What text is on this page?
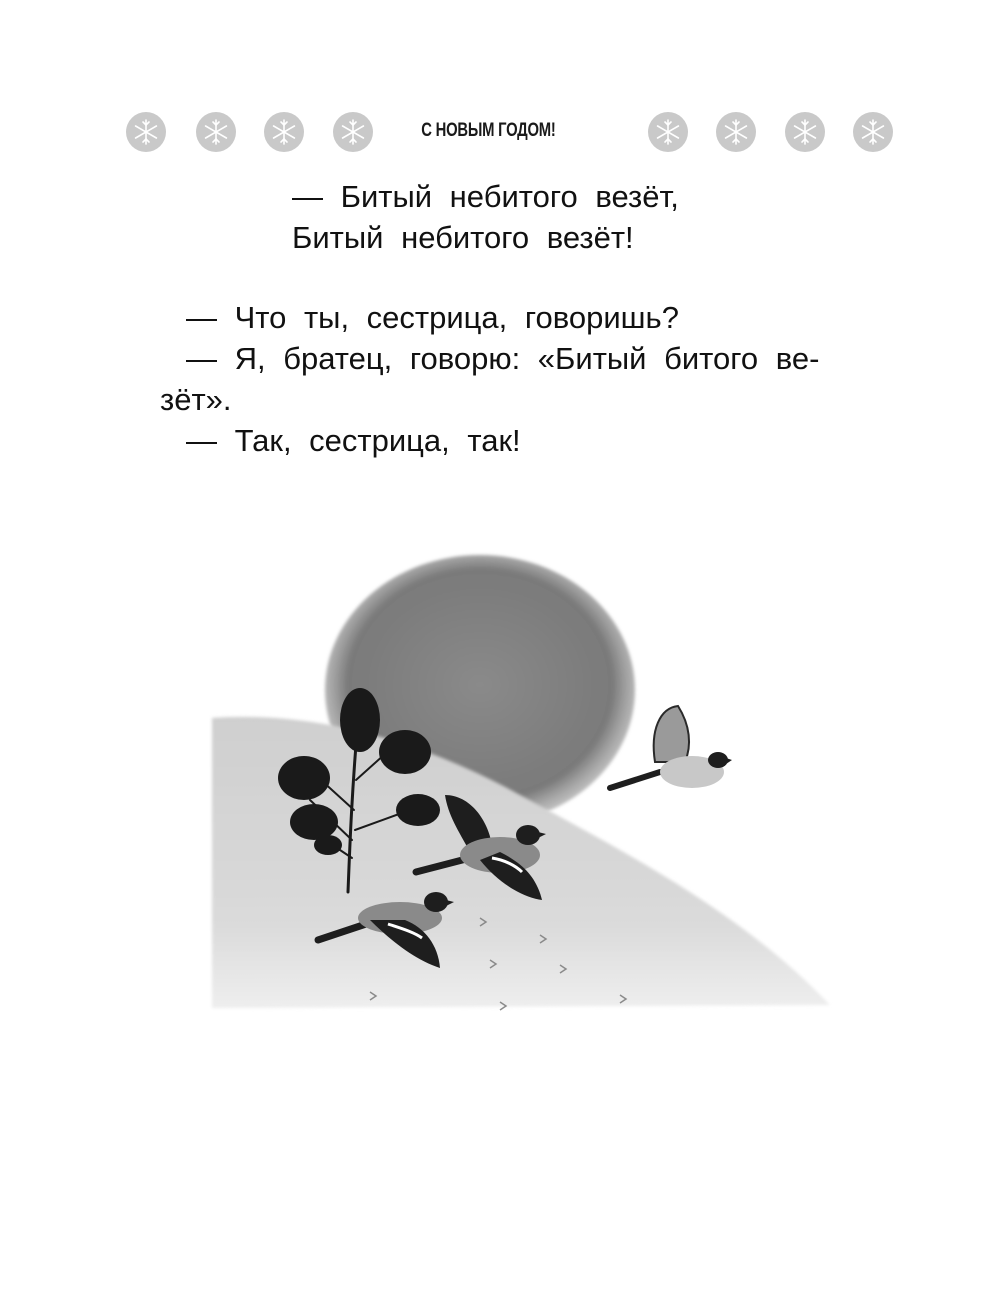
С НОВЫМ ГОДОМ!
— Битый небитого везёт,
Битый небитого везёт!
— Что ты, сестрица, говоришь?
— Я, братец, говорю: «Битый битого ве-
зёт».
— Так, сестрица, так!
